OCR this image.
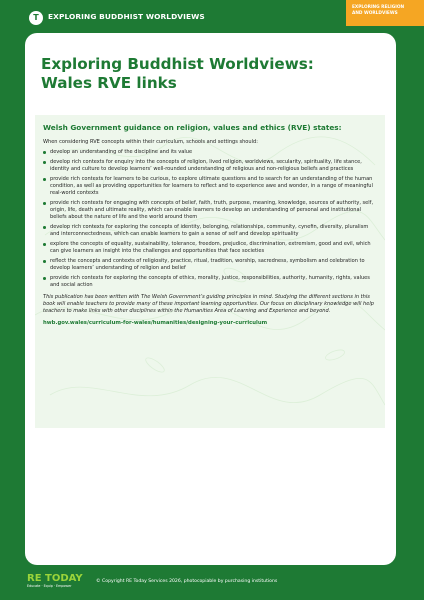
T	EXPLORING BUDDHIST WORLDVIEWS
EXPLORING RELIGION
AND WORLDVIEWS
Exploring Buddhist Worldviews:
Wales RVE links
Welsh Government guidance on religion, values and ethics (RVE) states:
When considering RVE concepts within their curriculum, schools and settings should:
develop an understanding of the discipline and its value
develop rich contexts for enquiry into the concepts of religion, lived religion, worldviews, secularity, spirituality, life stance, identity and culture to develop learners’ well-rounded understanding of religious and non-religious beliefs and practices
provide rich contexts for learners to be curious, to explore ultimate questions and to search for an understanding of the human condition, as well as providing opportunities for learners to reflect and to experience awe and wonder, in a range of meaningful real-world contexts
provide rich contexts for engaging with concepts of belief, faith, truth, purpose, meaning, knowledge, sources of authority, self, origin, life, death and ultimate reality, which can enable learners to develop an understanding of personal and institutional beliefs about the nature of life and the world around them
develop rich contexts for exploring the concepts of identity, belonging, relationships, community, cynefin, diversity, pluralism and interconnectedness, which can enable learners to gain a sense of self and develop spirituality
explore the concepts of equality, sustainability, tolerance, freedom, prejudice, discrimination, extremism, good and evil, which can give learners an insight into the challenges and opportunities that face societies
reflect the concepts and contexts of religiosity, practice, ritual, tradition, worship, sacredness, symbolism and celebration to develop learners’ understanding of religion and belief
provide rich contexts for exploring the concepts of ethics, morality, justice, responsibilities, authority, humanity, rights, values and social action
This publication has been written with The Welsh Government’s guiding principles in mind. Studying the different sections in this book will enable teachers to provide many of these important learning opportunities. Our focus on disciplinary knowledge will help teachers to make links with other disciplines within the Humanities Area of Learning and Experience and beyond.
hwb.gov.wales/curriculum-for-wales/humanities/designing-your-curriculum
RE TODAY
Educate · Equip · Empower
© Copyright RE Today Services 2026, photocopiable by purchasing institutions
